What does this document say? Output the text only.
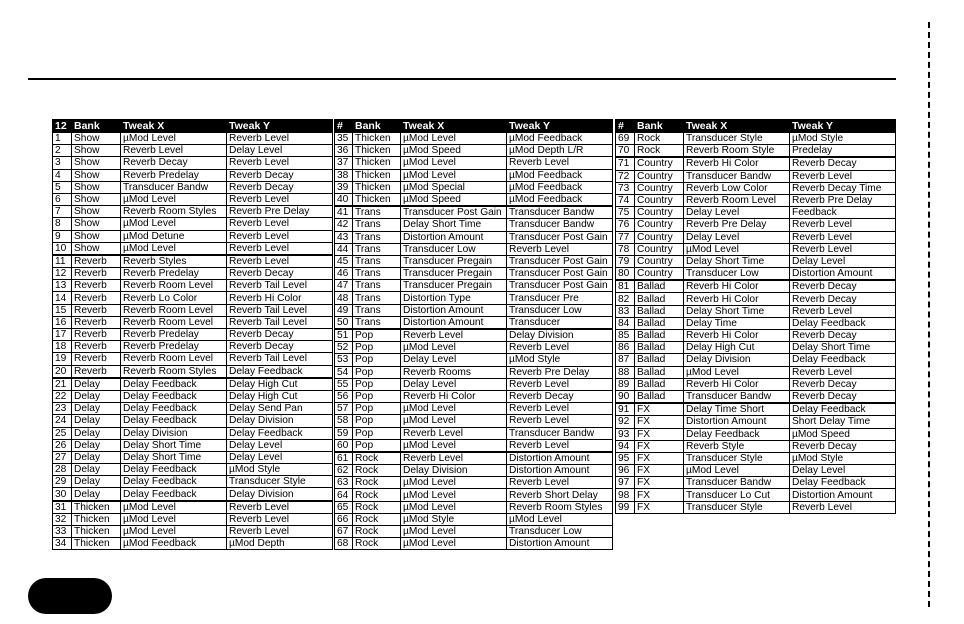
12	Bank	Tweak X	Tweak Y
1	Show	µMod Level	Reverb Level
2	Show	Reverb Level	Delay Level
3	Show	Reverb Decay	Reverb Level
4	Show	Reverb Predelay	Reverb Decay
5	Show	Transducer Bandw	Reverb Decay
6	Show	µMod Level	Reverb Level
7	Show	Reverb Room Styles	Reverb Pre Delay
8	Show	µMod Level	Reverb Level
9	Show	µMod Detune	Reverb Level
10	Show	µMod Level	Reverb Level
11	Reverb	Reverb Styles	Reverb Level
12	Reverb	Reverb Predelay	Reverb Decay
13	Reverb	Reverb Room Level	Reverb Tail Level
14	Reverb	Reverb Lo Color	Reverb Hi Color
15	Reverb	Reverb Room Level	Reverb Tail Level
16	Reverb	Reverb Room Level	Reverb Tail Level
17	Reverb	Reverb Predelay	Reverb Decay
18	Reverb	Reverb Predelay	Reverb Decay
19	Reverb	Reverb Room Level	Reverb Tail Level
20	Reverb	Reverb Room Styles	Delay Feedback
21	Delay	Delay Feedback	Delay High Cut
22	Delay	Delay Feedback	Delay High Cut
23	Delay	Delay Feedback	Delay Send Pan
24	Delay	Delay Feedback	Delay Division
25	Delay	Delay Division	Delay Feedback
26	Delay	Delay Short Time	Delay Level
27	Delay	Delay Short Time	Delay Level
28	Delay	Delay Feedback	µMod Style
29	Delay	Delay Feedback	Transducer Style
30	Delay	Delay Feedback	Delay Division
31	Thicken	µMod Level	Reverb Level
32	Thicken	µMod Level	Reverb Level
33	Thicken	µMod Level	Reverb Level
34	Thicken	µMod Feedback	µMod Depth
#	Bank	Tweak X	Tweak Y
35	Thicken	µMod Level	µMod Feedback
36	Thicken	µMod Speed	µMod Depth L/R
37	Thicken	µMod Level	Reverb Level
38	Thicken	µMod Level	µMod Feedback
39	Thicken	µMod Special	µMod Feedback
40	Thicken	µMod Speed	µMod Feedback
41	Trans	Transducer Post Gain	Transducer Bandw
42	Trans	Delay Short Time	Transducer Bandw
43	Trans	Distortion Amount	Transducer Post Gain
44	Trans	Transducer Low	Reverb Level
45	Trans	Transducer Pregain	Transducer Post Gain
46	Trans	Transducer Pregain	Transducer Post Gain
47	Trans	Transducer Pregain	Transducer Post Gain
48	Trans	Distortion Type	Transducer Pre
49	Trans	Distortion Amount	Transducer Low
50	Trans	Distortion Amount	Transducer
51	Pop	Reverb Level	Delay Division
52	Pop	µMod Level	Reverb Level
53	Pop	Delay Level	µMod Style
54	Pop	Reverb Rooms	Reverb Pre Delay
55	Pop	Delay Level	Reverb Level
56	Pop	Reverb Hi Color	Reverb Decay
57	Pop	µMod Level	Reverb Level
58	Pop	µMod Level	Reverb Level
59	Pop	Reverb Level	Transducer Bandw
60	Pop	µMod Level	Reverb Level
61	Rock	Reverb Level	Distortion Amount
62	Rock	Delay Division	Distortion Amount
63	Rock	µMod Level	Reverb Level
64	Rock	µMod Level	Reverb Short Delay
65	Rock	µMod Level	Reverb Room Styles
66	Rock	µMod Style	µMod Level
67	Rock	µMod Level	Transducer Low
68	Rock	µMod Level	Distortion Amount
#	Bank	Tweak X	Tweak Y
69	Rock	Transducer Style	µMod Style
70	Rock	Reverb Room Style	Predelay
71	Country	Reverb Hi Color	Reverb Decay
72	Country	Transducer Bandw	Reverb Level
73	Country	Reverb Low Color	Reverb Decay Time
74	Country	Reverb Room Level	Reverb Pre Delay
75	Country	Delay Level	Feedback
76	Country	Reverb Pre Delay	Reverb Level
77	Country	Delay Level	Reverb Level
78	Country	µMod Level	Reverb Level
79	Country	Delay Short Time	Delay Level
80	Country	Transducer Low	Distortion Amount
81	Ballad	Reverb Hi Color	Reverb Decay
82	Ballad	Reverb Hi Color	Reverb Decay
83	Ballad	Delay Short Time	Reverb Level
84	Ballad	Delay Time	Delay Feedback
85	Ballad	Reverb Hi Color	Reverb Decay
86	Ballad	Delay High Cut	Delay Short Time
87	Ballad	Delay Division	Delay Feedback
88	Ballad	µMod Level	Reverb Level
89	Ballad	Reverb Hi Color	Reverb Decay
90	Ballad	Transducer Bandw	Reverb Decay
91	FX	Delay Time Short	Delay Feedback
92	FX	Distortion Amount	Short Delay Time
93	FX	Delay Feedback	µMod Speed
94	FX	Reverb Style	Reverb Decay
95	FX	Transducer Style	µMod Style
96	FX	µMod Level	Delay Level
97	FX	Transducer Bandw	Delay Feedback
98	FX	Transducer Lo Cut	Distortion Amount
99	FX	Transducer Style	Reverb Level
